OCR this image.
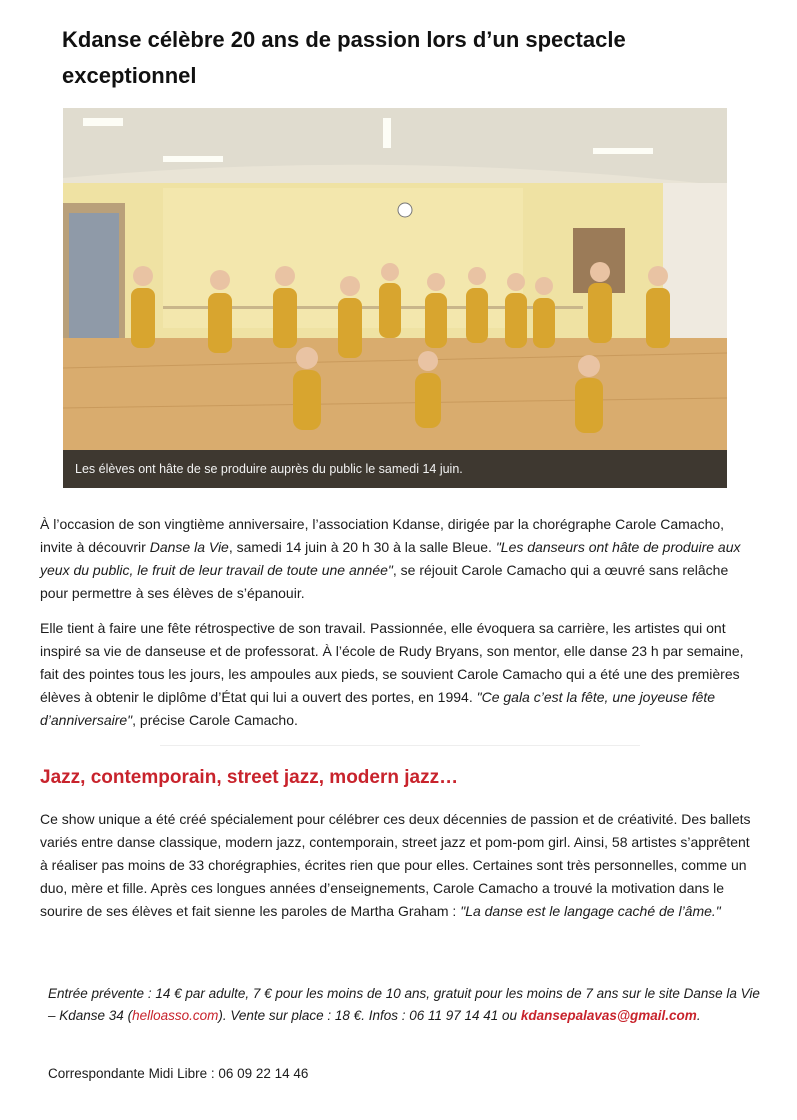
Kdanse célèbre 20 ans de passion lors d’un spectacle exceptionnel
Les élèves ont hâte de se produire auprès du public le samedi 14 juin.

À l’occasion de son vingtième anniversaire, l’association Kdanse, dirigée par la chorégraphe Carole Camacho, invite à découvrir Danse la Vie, samedi 14 juin à 20 h 30 à la salle Bleue. "Les danseurs ont hâte de produire aux yeux du public, le fruit de leur travail de toute une année", se réjouit Carole Camacho qui a œuvré sans relâche pour permettre à ses élèves de s’épanouir.

Elle tient à faire une fête rétrospective de son travail. Passionnée, elle évoquera sa carrière, les artistes qui ont inspiré sa vie de danseuse et de professorat. À l’école de Rudy Bryans, son mentor, elle danse 23 h par semaine, fait des pointes tous les jours, les ampoules aux pieds, se souvient Carole Camacho qui a été une des premières élèves à obtenir le diplôme d’État qui lui a ouvert des portes, en 1994. "Ce gala c’est la fête, une joyeuse fête d’anniversaire", précise Carole Camacho.

Jazz, contemporain, street jazz, modern jazz…

Ce show unique a été créé spécialement pour célébrer ces deux décennies de passion et de créativité. Des ballets variés entre danse classique, modern jazz, contemporain, street jazz et pom-pom girl. Ainsi, 58 artistes s’apprêtent à réaliser pas moins de 33 chorégraphies, écrites rien que pour elles. Certaines sont très personnelles, comme un duo, mère et fille. Après ces longues années d’enseignements, Carole Camacho a trouvé la motivation dans le sourire de ses élèves et fait sienne les paroles de Martha Graham : "La danse est le langage caché de l’âme."

Entrée prévente : 14 € par adulte, 7 € pour les moins de 10 ans, gratuit pour les moins de 7 ans sur le site Danse la Vie – Kdanse 34 (helloasso.com). Vente sur place : 18 €. Infos : 06 11 97 14 41 ou kdansepalavas@gmail.com.

Correspondante Midi Libre : 06 09 22 14 46
